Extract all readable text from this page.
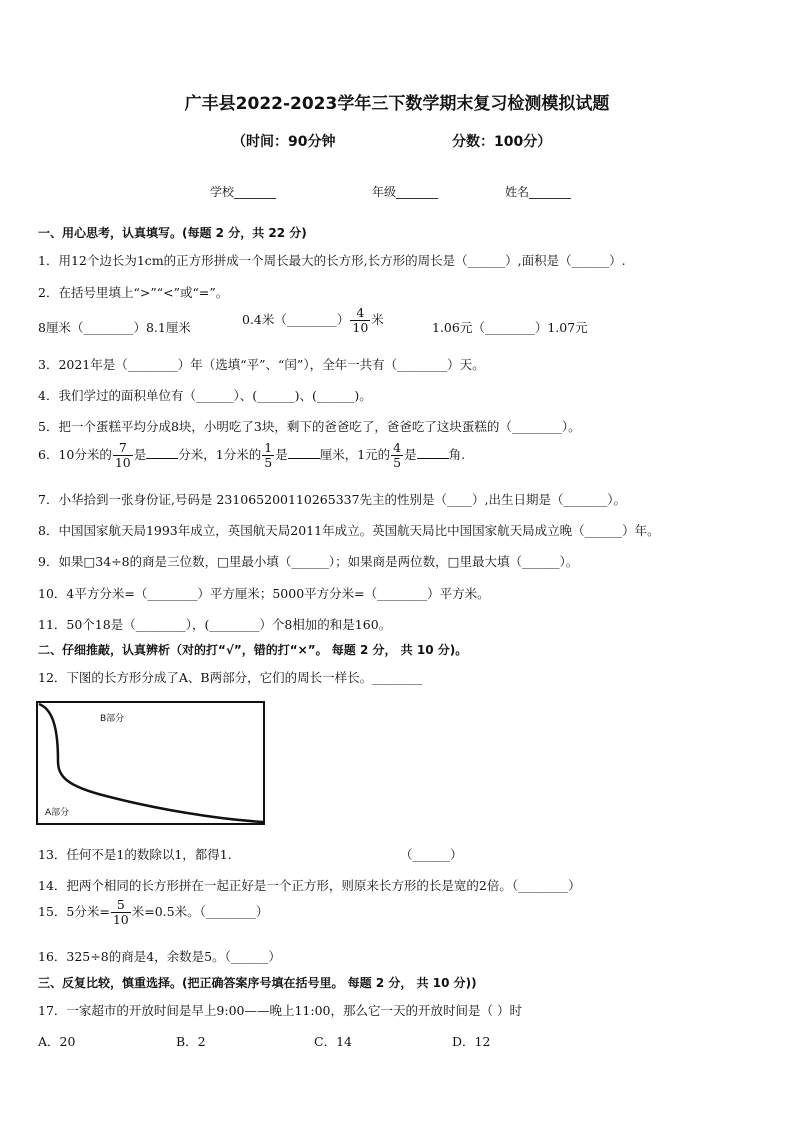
广丰县2022-2023学年三下数学期末复习检测模拟试题
（时间：90分钟	分数：100分）
学校_______	年级_______	姓名_______
一、用心思考，认真填写。(每题 2 分，共 22 分)
1．用12个边长为1cm的正方形拼成一个周长最大的长方形,长方形的周长是（______）,面积是（______）.
2．在括号里填上“>”“<”或“=”。
8厘米（________）8.1厘米
0.4米（________） $\frac{4}{10}$ 米
1.06元（________）1.07元
3．2021年是（________）年（选填“平”、“闰”），全年一共有（________）天。
4．我们学过的面积单位有（______）、(______)、(______)。
5．把一个蛋糕平均分成8块，小明吃了3块，剩下的爸爸吃了，爸爸吃了这块蛋糕的（________）。
6．10分米的 $\frac{7}{10}$ 是	分米，1分米的 $\frac{1}{5}$ 是	厘米，1元的 $\frac{4}{5}$ 是	角.
7．小华拾到一张身份证,号码是 231065200110265337先主的性别是（____）,出生日期是（_______）。
8．中国国家航天局1993年成立，英国航天局2011年成立。英国航天局比中国国家航天局成立晚（______）年。
9．如果□34÷8的商是三位数，□里最小填（______）；如果商是两位数，□里最大填（______）。
10．4平方分米=（________）平方厘米；5000平方分米=（________）平方米。
11．50个18是（________），(________）个8相加的和是160。
二、仔细推敲，认真辨析（对的打“√”，错的打“×”。 每题 2 分， 共 10 分)。
12．下图的长方形分成了A、B两部分，它们的周长一样长。________
B部分
A部分
13．任何不是1的数除以1，都得1.	（______）
14．把两个相同的长方形拼在一起正好是一个正方形，则原来长方形的长是宽的2倍。（________）
15．5分米= $\frac{5}{10}$ 米=0.5米。（________）
16．325÷8的商是4，余数是5。（______）
三、反复比较，慎重选择。(把正确答案序号填在括号里。 每题 2 分， 共 10 分))
17．一家超市的开放时间是早上9:00——晚上11:00，那么它一天的开放时间是（ ）时
A．20	B．2	C．14	D．12
